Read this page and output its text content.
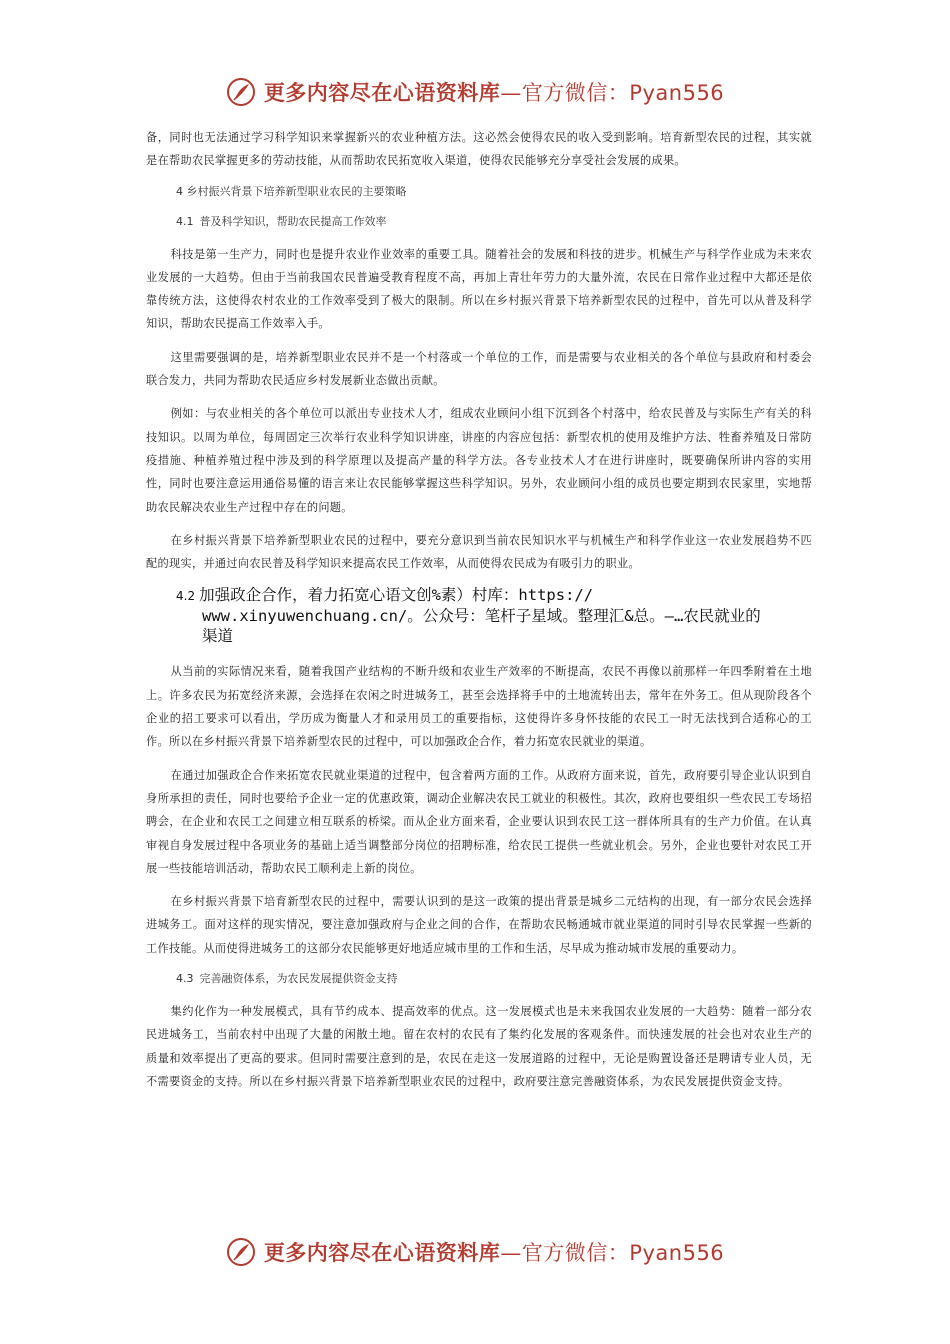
更多内容尽在心语资料库—官方微信：Pyan556

备，同时也无法通过学习科学知识来掌握新兴的农业种植方法。这必然会使得农民的收入受到影响。培育新型农民的过程，其实就是在帮助农民掌握更多的劳动技能，从而帮助农民拓宽收入渠道，使得农民能够充分享受社会发展的成果。

4 乡村振兴背景下培养新型职业农民的主要策略
4.1 普及科学知识，帮助农民提高工作效率

科技是第一生产力，同时也是提升农业作业效率的重要工具。随着社会的发展和科技的进步。机械生产与科学作业成为未来农业发展的一大趋势。但由于当前我国农民普遍受教育程度不高，再加上青壮年劳力的大量外流，农民在日常作业过程中大都还是依靠传统方法，这使得农村农业的工作效率受到了极大的限制。所以在乡村振兴背景下培养新型农民的过程中，首先可以从普及科学知识，帮助农民提高工作效率入手。

这里需要强调的是，培养新型职业农民并不是一个村落或一个单位的工作，而是需要与农业相关的各个单位与县政府和村委会联合发力，共同为帮助农民适应乡村发展新业态做出贡献。

例如：与农业相关的各个单位可以派出专业技术人才，组成农业顾问小组下沉到各个村落中，给农民普及与实际生产有关的科技知识。以周为单位，每周固定三次举行农业科学知识讲座，讲座的内容应包括：新型农机的使用及维护方法、牲畜养殖及日常防疫措施、种植养殖过程中涉及到的科学原理以及提高产量的科学方法。各专业技术人才在进行讲座时，既要确保所讲内容的实用性，同时也要注意运用通俗易懂的语言来让农民能够掌握这些科学知识。另外，农业顾问小组的成员也要定期到农民家里，实地帮助农民解决农业生产过程中存在的问题。

在乡村振兴背景下培养新型职业农民的过程中，要充分意识到当前农民知识水平与机械生产和科学作业这一农业发展趋势不匹配的现实，并通过向农民普及科学知识来提高农民工作效率，从而使得农民成为有吸引力的职业。

4.2 加强政企合作，着力拓宽心语文创%素）村库：https://
www.xinyuwenchuang.cn/。公众号：笔杆子星域。整理汇&总。—…农民就业的
渠道

从当前的实际情况来看，随着我国产业结构的不断升级和农业生产效率的不断提高，农民不再像以前那样一年四季附着在土地上。许多农民为拓宽经济来源，会选择在农闲之时进城务工，甚至会选择将手中的土地流转出去，常年在外务工。但从现阶段各个企业的招工要求可以看出，学历成为衡量人才和录用员工的重要指标，这使得许多身怀技能的农民工一时无法找到合适称心的工作。所以在乡村振兴背景下培养新型农民的过程中，可以加强政企合作，着力拓宽农民就业的渠道。

在通过加强政企合作来拓宽农民就业渠道的过程中，包含着两方面的工作。从政府方面来说，首先，政府要引导企业认识到自身所承担的责任，同时也要给予企业一定的优惠政策，调动企业解决农民工就业的积极性。其次，政府也要组织一些农民工专场招聘会，在企业和农民工之间建立相互联系的桥梁。而从企业方面来看，企业要认识到农民工这一群体所具有的生产力价值。在认真审视自身发展过程中各项业务的基础上适当调整部分岗位的招聘标准，给农民工提供一些就业机会。另外，企业也要针对农民工开展一些技能培训活动，帮助农民工顺利走上新的岗位。

在乡村振兴背景下培育新型农民的过程中，需要认识到的是这一政策的提出背景是城乡二元结构的出现，有一部分农民会选择进城务工。面对这样的现实情况，要注意加强政府与企业之间的合作，在帮助农民畅通城市就业渠道的同时引导农民掌握一些新的工作技能。从而使得进城务工的这部分农民能够更好地适应城市里的工作和生活，尽早成为推动城市发展的重要动力。

4.3 完善融资体系，为农民发展提供资金支持

集约化作为一种发展模式，具有节约成本、提高效率的优点。这一发展模式也是未来我国农业发展的一大趋势：随着一部分农民进城务工，当前农村中出现了大量的闲散土地。留在农村的农民有了集约化发展的客观条件。而快速发展的社会也对农业生产的质量和效率提出了更高的要求。但同时需要注意到的是，农民在走这一发展道路的过程中，无论是购置设备还是聘请专业人员，无不需要资金的支持。所以在乡村振兴背景下培养新型职业农民的过程中，政府要注意完善融资体系，为农民发展提供资金支持。

更多内容尽在心语资料库—官方微信：Pyan556
